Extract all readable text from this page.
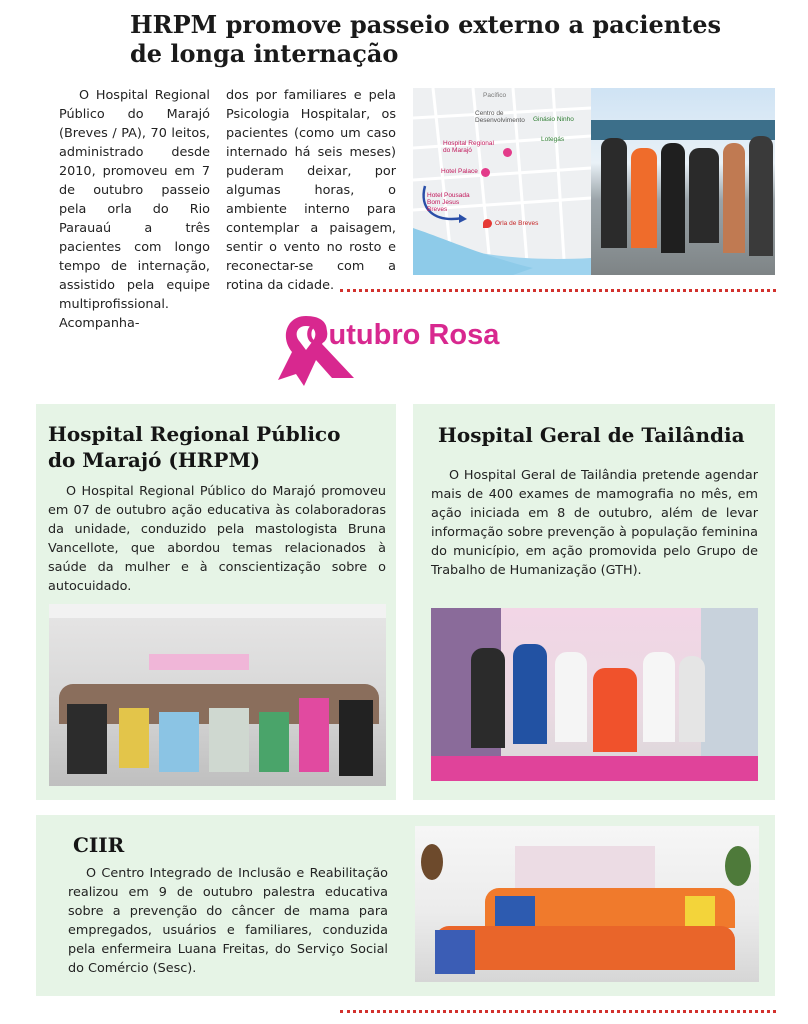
HRPM promove passeio externo a pacientes
de longa internação

O Hospital Regional Público do Marajó (Breves / PA), 70 leitos, administrado desde 2010, promoveu em 7 de outubro passeio pela orla do Rio Parauaú a três pacientes com longo tempo de internação, assistido pela equipe multiprofissional. Acompanha-

dos por familiares e pela Psicologia Hospitalar, os pacientes (como um caso internado há seis meses) puderam deixar, por algumas horas, o ambiente interno para contemplar a paisagem, sentir o vento no rosto e reconectar-se com a rotina da cidade.

Hospital Regional do Marajó
Hotel Palace
Hotel Pousada Bom Jesus Breves
Orla de Breves
Centro de Desenvolvimento	Ginásio Ninho
Lotegás
Pacífico
Outubro Rosa
Hospital Regional Público
do Marajó (HRPM)

O Hospital Regional Público do Marajó promoveu em 07 de outubro ação educativa às colaboradoras da unidade, conduzido pela mastologista Bruna Vancellote, que abordou temas relacionados à saúde da mulher e à conscientização sobre o autocuidado.

Hospital Geral de Tailândia

O Hospital Geral de Tailândia pretende agendar mais de 400 exames de mamografia no mês, em ação iniciada em 8 de outubro, além de levar informação sobre prevenção à população feminina do município, em ação promovida pelo Grupo de Trabalho de Humanização (GTH).

CIIR

O Centro Integrado de Inclusão e Reabilitação realizou em 9 de outubro palestra educativa sobre a prevenção do câncer de mama para empregados, usuários e familiares, conduzida pela enfermeira Luana Freitas, do Serviço Social do Comércio (Sesc).
